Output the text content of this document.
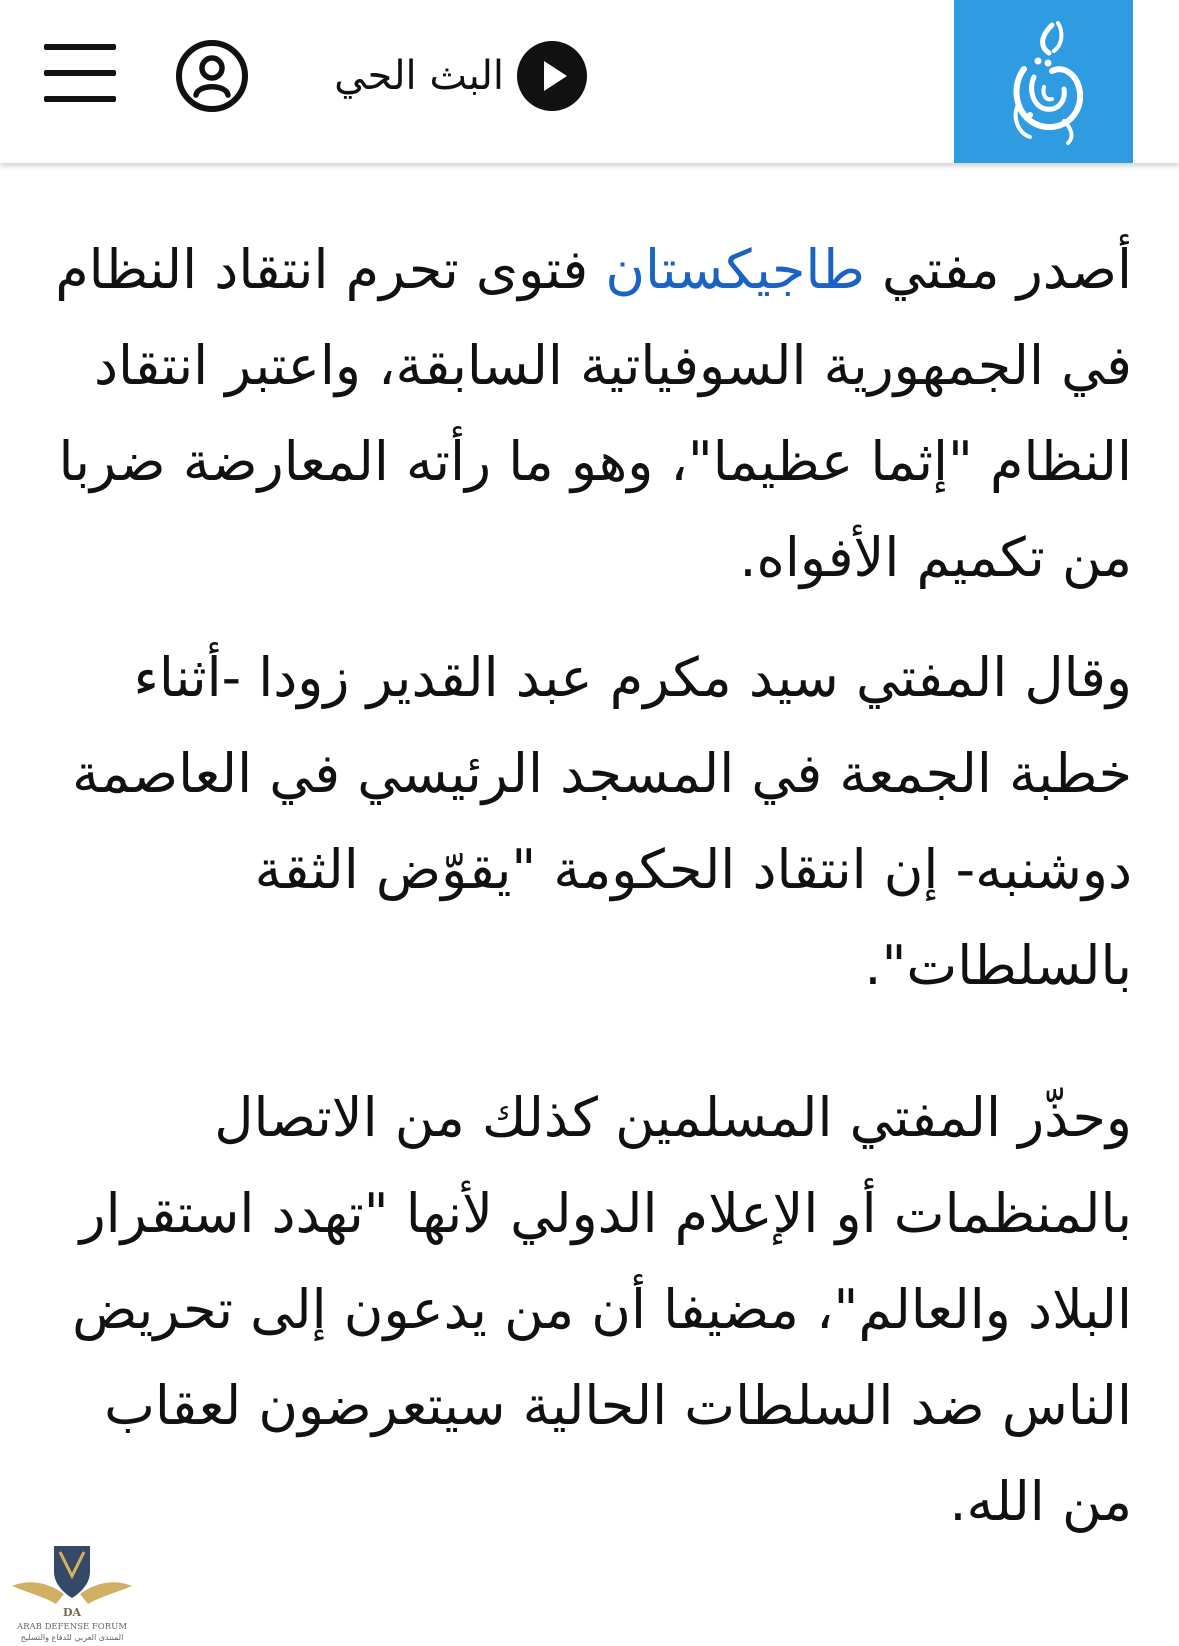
البث الحي

أصدر مفتي طاجيكستان فتوى تحرم انتقاد النظام في الجمهورية السوفياتية السابقة، واعتبر انتقاد النظام "إثما عظيما"، وهو ما رأته المعارضة ضربا من تكميم الأفواه.

وقال المفتي سيد مكرم عبد القدير زودا -أثناء خطبة الجمعة في المسجد الرئيسي في العاصمة دوشنبه- إن انتقاد الحكومة "يقوّض الثقة بالسلطات".

وحذّر المفتي المسلمين كذلك من الاتصال بالمنظمات أو الإعلام الدولي لأنها "تهدد استقرار البلاد والعالم"، مضيفا أن من يدعون إلى تحريض الناس ضد السلطات الحالية سيتعرضون لعقاب من الله.

DA
ARAB DEFENSE FORUM
المنتدى العربي للدفاع والتسليح
